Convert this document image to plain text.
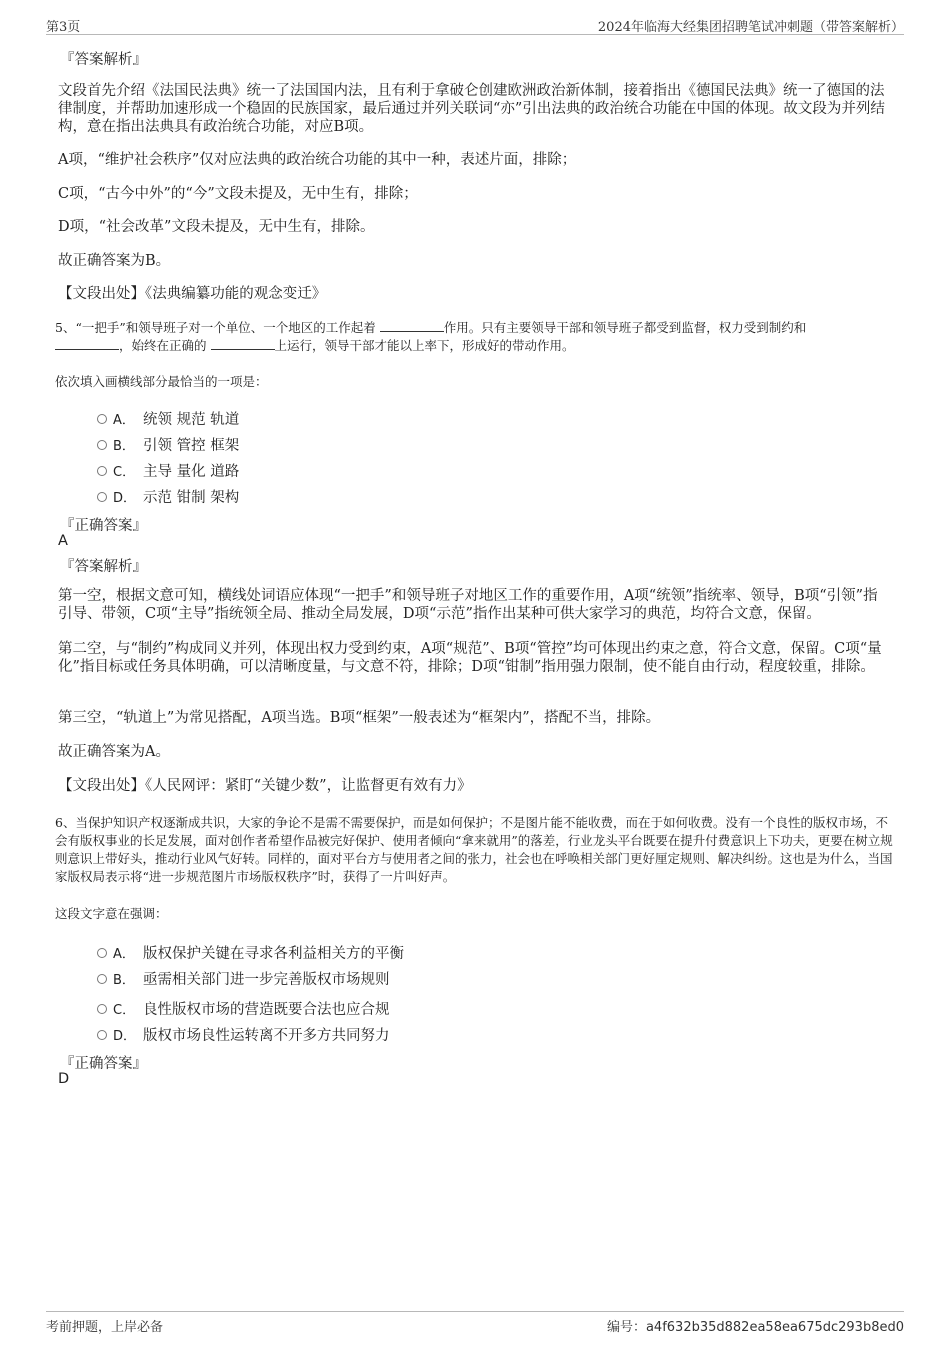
第3页	2024年临海大经集团招聘笔试冲刺题（带答案解析）
『答案解析』
文段首先介绍《法国民法典》统一了法国国内法，且有利于拿破仑创建欧洲政治新体制，接着指出《德国民法典》统一了德国的法律制度，并帮助加速形成一个稳固的民族国家，最后通过并列关联词“亦”引出法典的政治统合功能在中国的体现。故文段为并列结构，意在指出法典具有政治统合功能，对应B项。
A项，“维护社会秩序”仅对应法典的政治统合功能的其中一种，表述片面，排除；
C项，“古今中外”的“今”文段未提及，无中生有，排除；
D项，“社会改革”文段未提及，无中生有，排除。
故正确答案为B。
【文段出处】《法典编纂功能的观念变迁》
5、“一把手”和领导班子对一个单位、一个地区的工作起着	作用。只有主要领导干部和领导班子都受到监督，权力受到制约和
，始终在正确的	上运行，领导干部才能以上率下，形成好的带动作用。
依次填入画横线部分最恰当的一项是：
A． 统领 规范 轨道
B． 引领 管控 框架
C． 主导 量化 道路
D． 示范 钳制 架构
『正确答案』
A
『答案解析』
第一空，根据文意可知，横线处词语应体现“一把手”和领导班子对地区工作的重要作用，A项“统领”指统率、领导，B项“引领”指引导、带领，C项“主导”指统领全局、推动全局发展，D项“示范”指作出某种可供大家学习的典范，均符合文意，保留。
第二空，与“制约”构成同义并列，体现出权力受到约束，A项“规范”、B项“管控”均可体现出约束之意，符合文意，保留。C项“量化”指目标或任务具体明确，可以清晰度量，与文意不符，排除；D项“钳制”指用强力限制，使不能自由行动，程度较重，排除。
第三空，“轨道上”为常见搭配，A项当选。B项“框架”一般表述为“框架内”，搭配不当，排除。
故正确答案为A。
【文段出处】《人民网评：紧盯“关键少数”，让监督更有效有力》
6、当保护知识产权逐渐成共识，大家的争论不是需不需要保护，而是如何保护；不是图片能不能收费，而在于如何收费。没有一个良性的版权市场，不会有版权事业的长足发展，面对创作者希望作品被完好保护、使用者倾向“拿来就用”的落差，行业龙头平台既要在提升付费意识上下功夫，更要在树立规则意识上带好头，推动行业风气好转。同样的，面对平台方与使用者之间的张力，社会也在呼唤相关部门更好厘定规则、解决纠纷。这也是为什么，当国家版权局表示将“进一步规范图片市场版权秩序”时，获得了一片叫好声。
这段文字意在强调：
A． 版权保护关键在寻求各利益相关方的平衡
B． 亟需相关部门进一步完善版权市场规则
C． 良性版权市场的营造既要合法也应合规
D． 版权市场良性运转离不开多方共同努力
『正确答案』
D
考前押题，上岸必备	编号：a4f632b35d882ea58ea675dc293b8ed0
